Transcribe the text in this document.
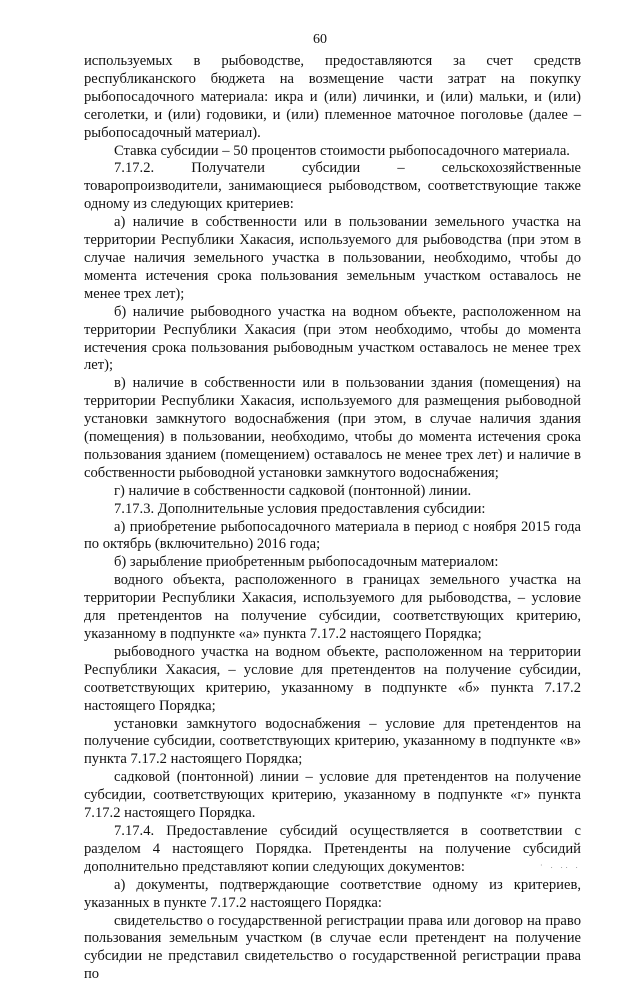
60

используемых в рыбоводстве, предоставляются за счет средств республиканского бюджета на возмещение части затрат на покупку рыбопосадочного материала: икра и (или) личинки, и (или) мальки, и (или) сеголетки, и (или) годовики, и (или) племенное маточное поголовье (далее – рыбопосадочный материал).

Ставка субсидии – 50 процентов стоимости рыбопосадочного материала.

7.17.2. Получатели субсидии – сельскохозяйственные товаропроизводители, занимающиеся рыбоводством, соответствующие также одному из следующих критериев:

а) наличие в собственности или в пользовании земельного участка на территории Республики Хакасия, используемого для рыбоводства (при этом в случае наличия земельного участка в пользовании, необходимо, чтобы до момента истечения срока пользования земельным участком оставалось не менее трех лет);

б) наличие рыбоводного участка на водном объекте, расположенном на территории Республики Хакасия (при этом необходимо, чтобы до момента истечения срока пользования рыбоводным участком оставалось не менее трех лет);

в) наличие в собственности или в пользовании здания (помещения) на территории Республики Хакасия, используемого для размещения рыбоводной установки замкнутого водоснабжения (при этом, в случае наличия здания (помещения) в пользовании, необходимо, чтобы до момента истечения срока пользования зданием (помещением) оставалось не менее трех лет) и наличие в собственности рыбоводной установки замкнутого водоснабжения;

г) наличие в собственности садковой (понтонной) линии.

7.17.3. Дополнительные условия предоставления субсидии:

а) приобретение рыбопосадочного материала в период с ноября 2015 года по октябрь (включительно) 2016 года;

б) зарыбление приобретенным рыбопосадочным материалом:

водного объекта, расположенного в границах земельного участка на территории Республики Хакасия, используемого для рыбоводства, – условие для претендентов на получение субсидии, соответствующих критерию, указанному в подпункте «а» пункта 7.17.2 настоящего Порядка;

рыбоводного участка на водном объекте, расположенном на территории Республики Хакасия, – условие для претендентов на получение субсидии, соответствующих критерию, указанному в подпункте «б» пункта 7.17.2 настоящего Порядка;

установки замкнутого водоснабжения – условие для претендентов на получение субсидии, соответствующих критерию, указанному в подпункте «в» пункта 7.17.2 настоящего Порядка;

садковой (понтонной) линии – условие для претендентов на получение субсидии, соответствующих критерию, указанному в подпункте «г» пункта 7.17.2 настоящего Порядка.

7.17.4. Предоставление субсидий осуществляется в соответствии с разделом 4 настоящего Порядка. Претенденты на получение субсидий дополнительно представляют копии следующих документов:

а) документы, подтверждающие соответствие одному из критериев, указанных в пункте 7.17.2 настоящего Порядка:

свидетельство о государственной регистрации права или договор на право пользования земельным участком (в случае если претендент на получение субсидии не представил свидетельство о государственной регистрации права по

· . .. .
